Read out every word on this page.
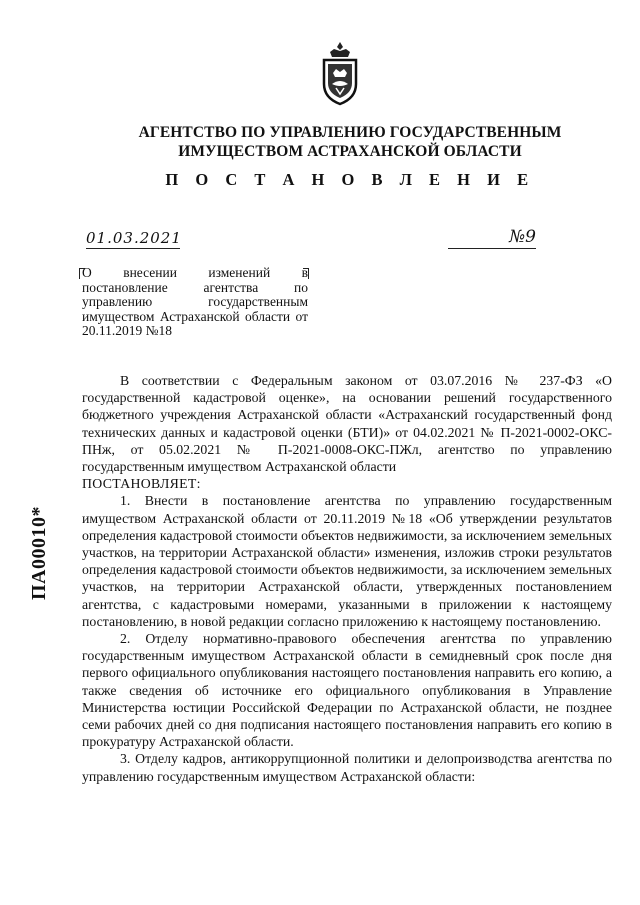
АГЕНТСТВО ПО УПРАВЛЕНИЮ ГОСУДАРСТВЕННЫМ
ИМУЩЕСТВОМ АСТРАХАНСКОЙ ОБЛАСТИ
П О С Т А Н О В Л Е Н И Е
01.03.2021	№9
О внесении изменений в постановление агентства по управлению государственным имуществом Астраханской области от 20.11.2019 №18
ПА00010*

В соответствии с Федеральным законом от 03.07.2016 № 237-ФЗ «О государственной кадастровой оценке», на основании решений государственного бюджетного учреждения Астраханской области «Астраханский государственный фонд технических данных и кадастровой оценки (БТИ)» от 04.02.2021 № П-2021-0002-ОКС-ПНж, от 05.02.2021 № П-2021-0008-ОКС-ПЖл, агентство по управлению государственным имуществом Астраханской области

ПОСТАНОВЛЯЕТ:

1. Внести в постановление агентства по управлению государственным имуществом Астраханской области от 20.11.2019 №18 «Об утверждении результатов определения кадастровой стоимости объектов недвижимости, за исключением земельных участков, на территории Астраханской области» изменения, изложив строки результатов определения кадастровой стоимости объектов недвижимости, за исключением земельных участков, на территории Астраханской области, утвержденных постановлением агентства, с кадастровыми номерами, указанными в приложении к настоящему постановлению, в новой редакции согласно приложению к настоящему постановлению.

2. Отделу нормативно-правового обеспечения агентства по управлению государственным имуществом Астраханской области в семидневный срок после дня первого официального опубликования настоящего постановления направить его копию, а также сведения об источнике его официального опубликования в Управление Министерства юстиции Российской Федерации по Астраханской области, не позднее семи рабочих дней со дня подписания настоящего постановления направить его копию в прокуратуру Астраханской области.

3. Отделу кадров, антикоррупционной политики и делопроизводства агентства по управлению государственным имуществом Астраханской области:
